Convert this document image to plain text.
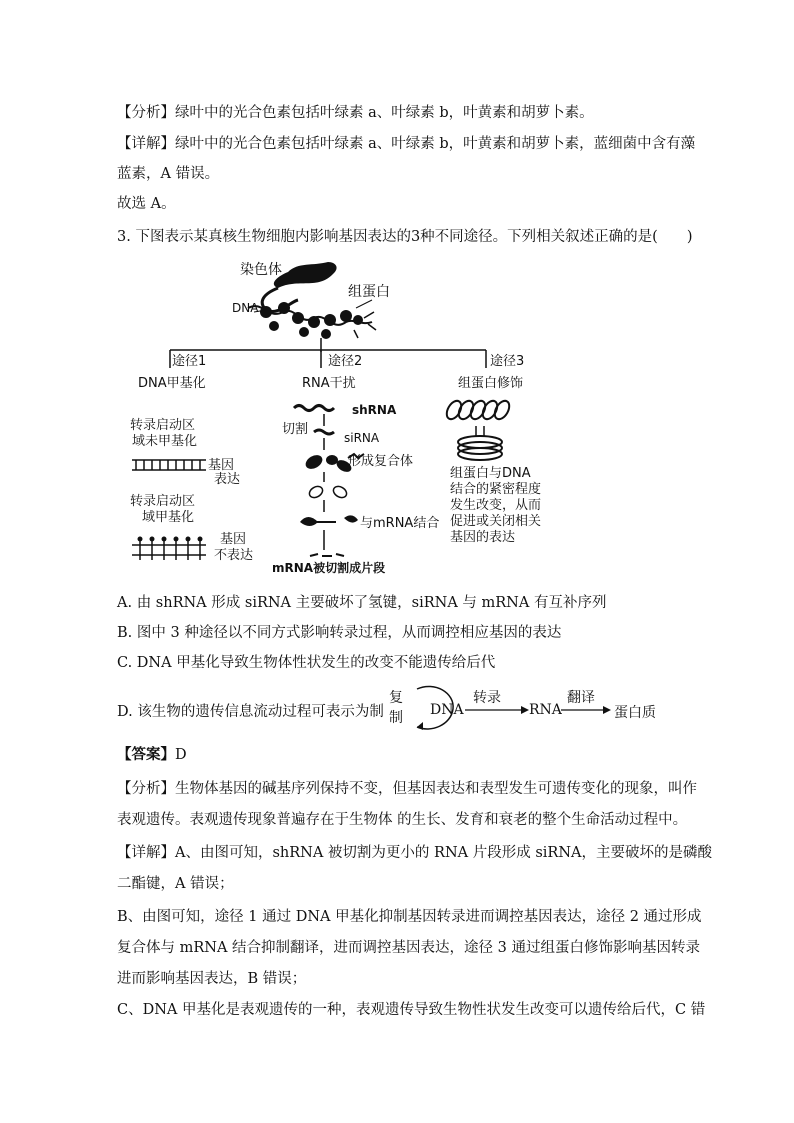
【分析】绿叶中的光合色素包括叶绿素 a、叶绿素 b，叶黄素和胡萝卜素。

【详解】绿叶中的光合色素包括叶绿素 a、叶绿素 b，叶黄素和胡萝卜素，蓝细菌中含有藻

蓝素，A 错误。

故选 A。

3. 下图表示某真核生物细胞内影响基因表达的3种不同途径。下列相关叙述正确的是(　　)

染色体
DNA
组蛋白
途径1
DNA甲基化
途径2
RNA干扰
途径3
组蛋白修饰
转录启动区
域未甲基化
基因
表达
转录启动区
域甲基化
基因
不表达
shRNA
切割
siRNA
形成复合体
与mRNA结合
mRNA被切割成片段
组蛋白与DNA
结合的紧密程度
发生改变，从而
促进或关闭相关
基因的表达

A. 由 shRNA 形成 siRNA 主要破坏了氢键，siRNA 与 mRNA 有互补序列

B. 图中 3 种途径以不同方式影响转录过程，从而调控相应基因的表达

C. DNA 甲基化导致生物体性状发生的改变不能遗传给后代

D. 该生物的遗传信息流动过程可表示为制
复
制 DNA
转录
RNA
翻译
蛋白质

【答案】D

【分析】生物体基因的碱基序列保持不变，但基因表达和表型发生可遗传变化的现象，叫作

表观遗传。表观遗传现象普遍存在于生物体 的生长、发育和衰老的整个生命活动过程中。

【详解】A、由图可知，shRNA 被切割为更小的 RNA 片段形成 siRNA，主要破坏的是磷酸

二酯键，A 错误；

B、由图可知，途径 1 通过 DNA 甲基化抑制基因转录进而调控基因表达，途径 2 通过形成

复合体与 mRNA 结合抑制翻译，进而调控基因表达，途径 3 通过组蛋白修饰影响基因转录

进而影响基因表达，B 错误；

C、DNA 甲基化是表观遗传的一种，表观遗传导致生物性状发生改变可以遗传给后代，C 错
